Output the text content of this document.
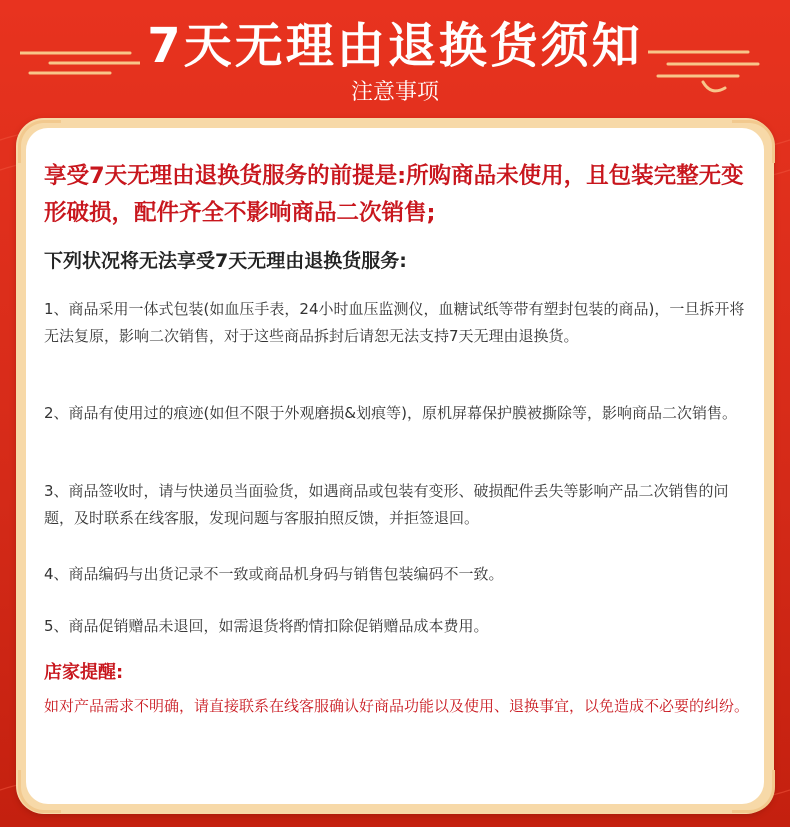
7天无理由退换货须知
注意事项
享受7天无理由退换货服务的前提是:所购商品未使用，且包装完整无变形破损，配件齐全不影响商品二次销售;
下列状况将无法享受7天无理由退换货服务:
1、商品采用一体式包装(如血压手表，24小时血压监测仪，血糖试纸等带有塑封包装的商品)，一旦拆开将无法复原，影响二次销售，对于这些商品拆封后请恕无法支持7天无理由退换货。
2、商品有使用过的痕迹(如但不限于外观磨损&划痕等)，原机屏幕保护膜被撕除等，影响商品二次销售。
3、商品签收时，请与快递员当面验货，如遇商品或包装有变形、破损配件丢失等影响产品二次销售的问题，及时联系在线客服，发现问题与客服拍照反馈，并拒签退回。
4、商品编码与出货记录不一致或商品机身码与销售包装编码不一致。
5、商品促销赠品未退回，如需退货将酌情扣除促销赠品成本费用。
店家提醒:
如对产品需求不明确，请直接联系在线客服确认好商品功能以及使用、退换事宜，以免造成不必要的纠纷。
